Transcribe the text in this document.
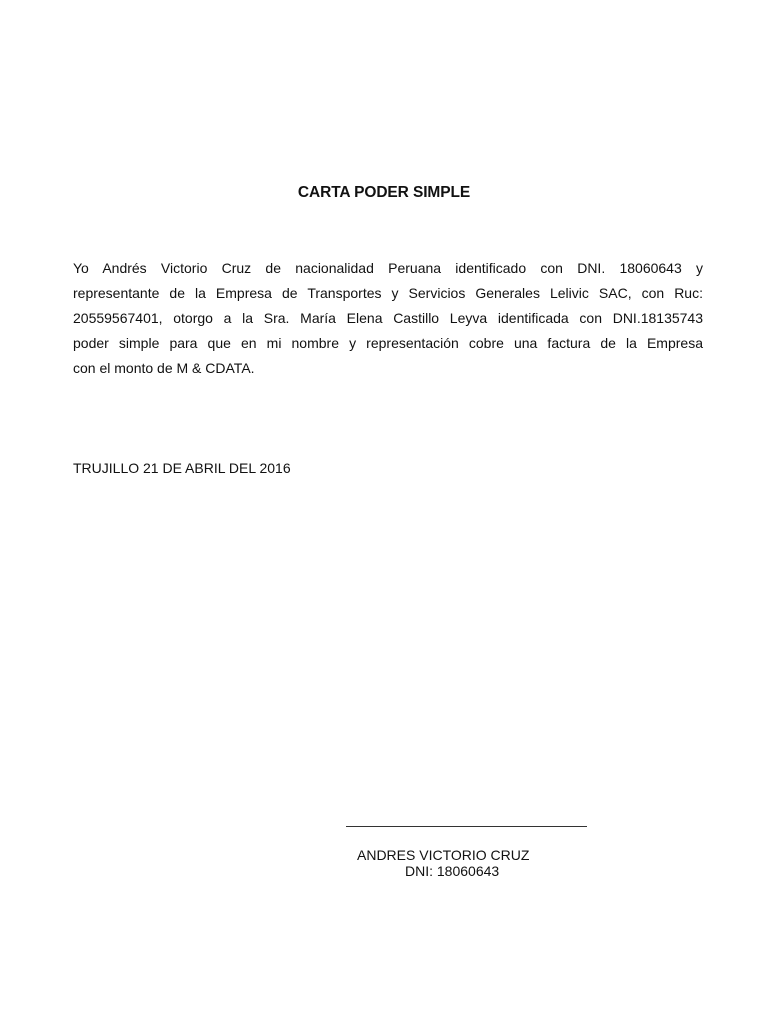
CARTA PODER SIMPLE
Yo Andrés Victorio Cruz de nacionalidad Peruana identificado con DNI. 18060643 y
representante de la Empresa de Transportes y Servicios Generales Lelivic SAC, con Ruc:
20559567401, otorgo a la Sra. María Elena Castillo Leyva identificada con DNI.18135743
poder simple para que en mi nombre y representación cobre una factura de la Empresa
con el monto de M & CDATA.
TRUJILLO 21 DE ABRIL DEL 2016
ANDRES VICTORIO CRUZ
DNI: 18060643
